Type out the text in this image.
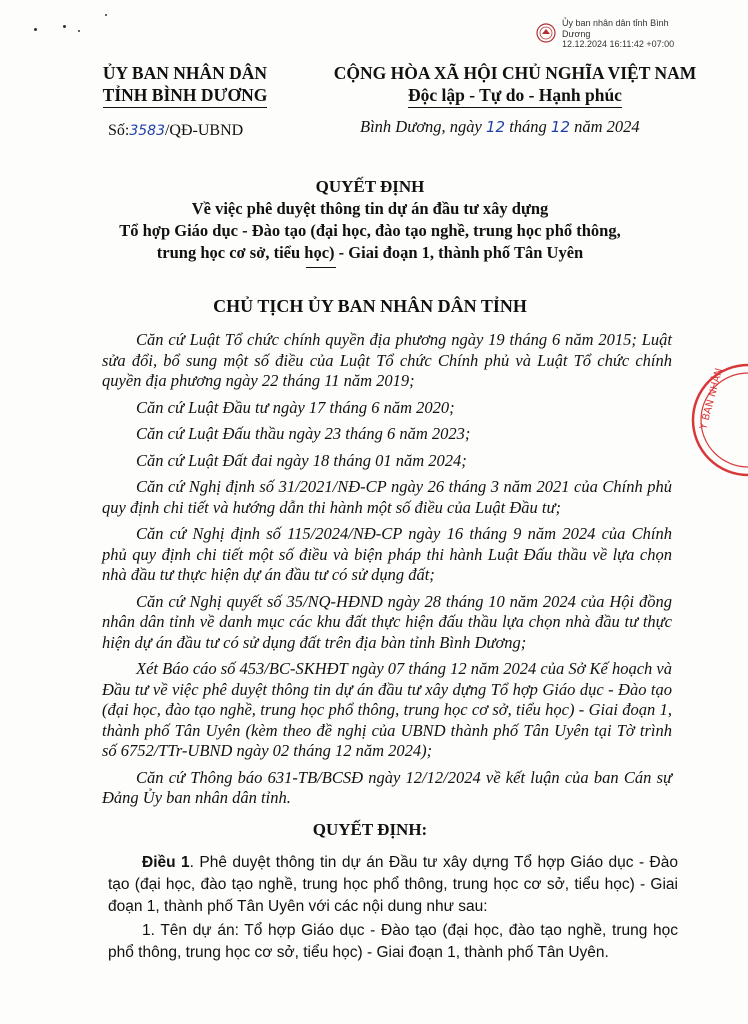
Ủy ban nhân dân tỉnh Bình
Dương
12.12.2024 16:11:42 +07:00
Y BAN NHÂN
ỦY BAN NHÂN DÂN
TỈNH BÌNH DƯƠNG
CỘNG HÒA XÃ HỘI CHỦ NGHĨA VIỆT NAM
Độc lập - Tự do - Hạnh phúc
Số:3583/QĐ-UBND	Bình Dương, ngày 12 tháng 12 năm 2024
QUYẾT ĐỊNH
Về việc phê duyệt thông tin dự án đầu tư xây dựng
Tổ hợp Giáo dục - Đào tạo (đại học, đào tạo nghề, trung học phổ thông,
trung học cơ sở, tiểu học) - Giai đoạn 1, thành phố Tân Uyên
CHỦ TỊCH ỦY BAN NHÂN DÂN TỈNH

Căn cứ Luật Tổ chức chính quyền địa phương ngày 19 tháng 6 năm 2015; Luật sửa đổi, bổ sung một số điều của Luật Tổ chức Chính phủ và Luật Tổ chức chính quyền địa phương ngày 22 tháng 11 năm 2019;

Căn cứ Luật Đầu tư ngày 17 tháng 6 năm 2020;

Căn cứ Luật Đấu thầu ngày 23 tháng 6 năm 2023;

Căn cứ Luật Đất đai ngày 18 tháng 01 năm 2024;

Căn cứ Nghị định số 31/2021/NĐ-CP ngày 26 tháng 3 năm 2021 của Chính phủ quy định chi tiết và hướng dẫn thi hành một số điều của Luật Đầu tư;

Căn cứ Nghị định số 115/2024/NĐ-CP ngày 16 tháng 9 năm 2024 của Chính phủ quy định chi tiết một số điều và biện pháp thi hành Luật Đấu thầu về lựa chọn nhà đầu tư thực hiện dự án đầu tư có sử dụng đất;

Căn cứ Nghị quyết số 35/NQ-HĐND ngày 28 tháng 10 năm 2024 của Hội đồng nhân dân tỉnh về danh mục các khu đất thực hiện đấu thầu lựa chọn nhà đầu tư thực hiện dự án đầu tư có sử dụng đất trên địa bàn tỉnh Bình Dương;

Xét Báo cáo số 453/BC-SKHĐT ngày 07 tháng 12 năm 2024 của Sở Kế hoạch và Đầu tư về việc phê duyệt thông tin dự án đầu tư xây dựng Tổ hợp Giáo dục - Đào tạo (đại học, đào tạo nghề, trung học phổ thông, trung học cơ sở, tiểu học) - Giai đoạn 1, thành phố Tân Uyên (kèm theo đề nghị của UBND thành phố Tân Uyên tại Tờ trình số 6752/TTr-UBND ngày 02 tháng 12 năm 2024);

Căn cứ Thông báo 631-TB/BCSĐ ngày 12/12/2024 về kết luận của ban Cán sự Đảng Ủy ban nhân dân tỉnh.

QUYẾT ĐỊNH:

Điều 1. Phê duyệt thông tin dự án Đầu tư xây dựng Tổ hợp Giáo dục - Đào tạo (đại học, đào tạo nghề, trung học phổ thông, trung học cơ sở, tiểu học) - Giai đoạn 1, thành phố Tân Uyên với các nội dung như sau:

1. Tên dự án: Tổ hợp Giáo dục - Đào tạo (đại học, đào tạo nghề, trung học phổ thông, trung học cơ sở, tiểu học) - Giai đoạn 1, thành phố Tân Uyên.
